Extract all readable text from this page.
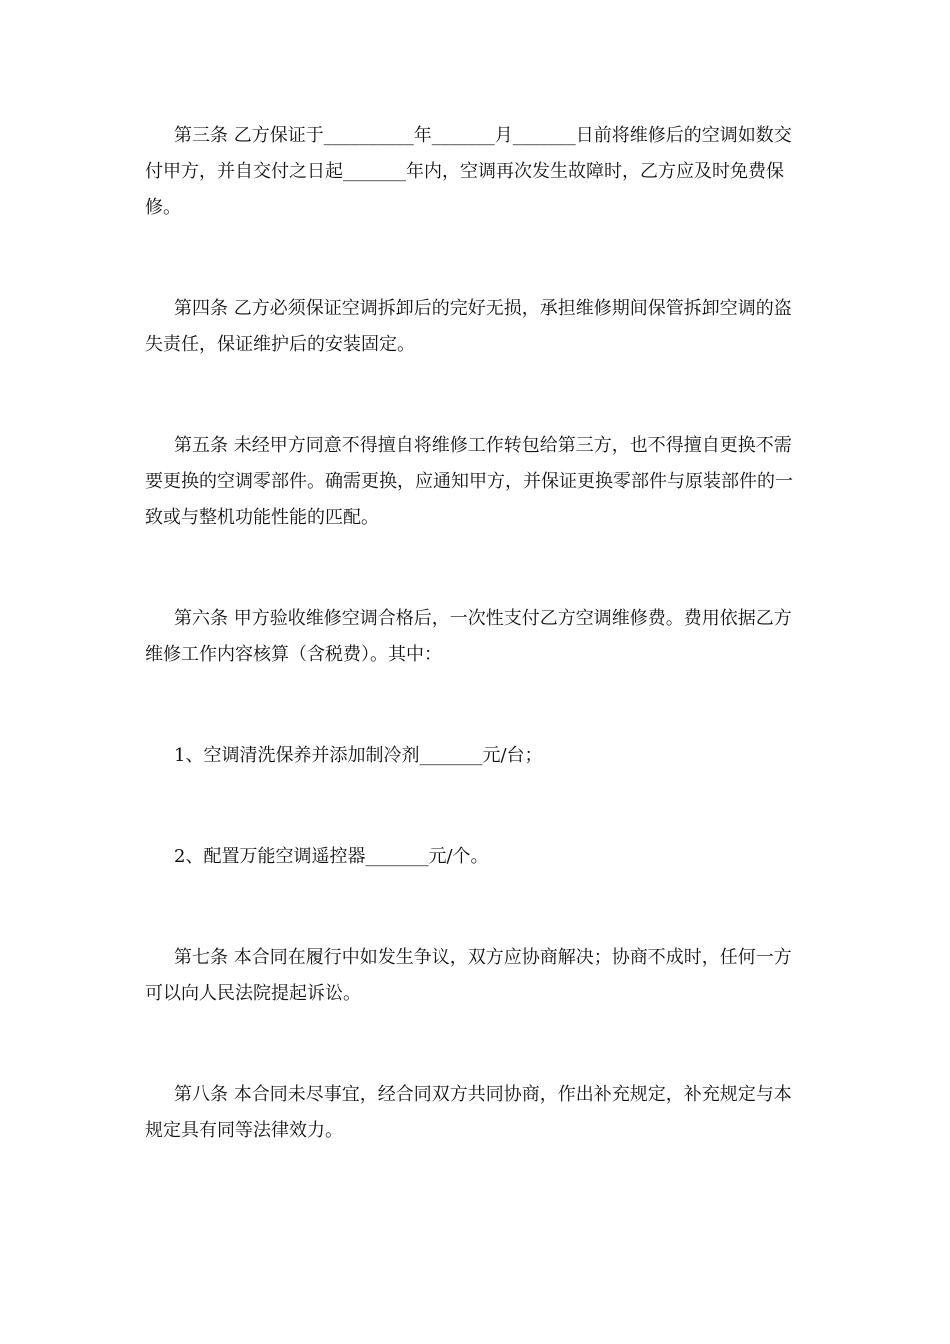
第三条 乙方保证于__________年_______月_______日前将维修后的空调如数交付甲方，并自交付之日起_______年内，空调再次发生故障时，乙方应及时免费保修。

第四条 乙方必须保证空调拆卸后的完好无损，承担维修期间保管拆卸空调的盗失责任，保证维护后的安装固定。

第五条 未经甲方同意不得擅自将维修工作转包给第三方，也不得擅自更换不需要更换的空调零部件。确需更换，应通知甲方，并保证更换零部件与原装部件的一致或与整机功能性能的匹配。

第六条 甲方验收维修空调合格后，一次性支付乙方空调维修费。费用依据乙方维修工作内容核算（含税费）。其中：

1、空调清洗保养并添加制冷剂_______元/台；

2、配置万能空调遥控器_______元/个。

第七条 本合同在履行中如发生争议，双方应协商解决；协商不成时，任何一方可以向人民法院提起诉讼。

第八条 本合同未尽事宜，经合同双方共同协商，作出补充规定，补充规定与本规定具有同等法律效力。
